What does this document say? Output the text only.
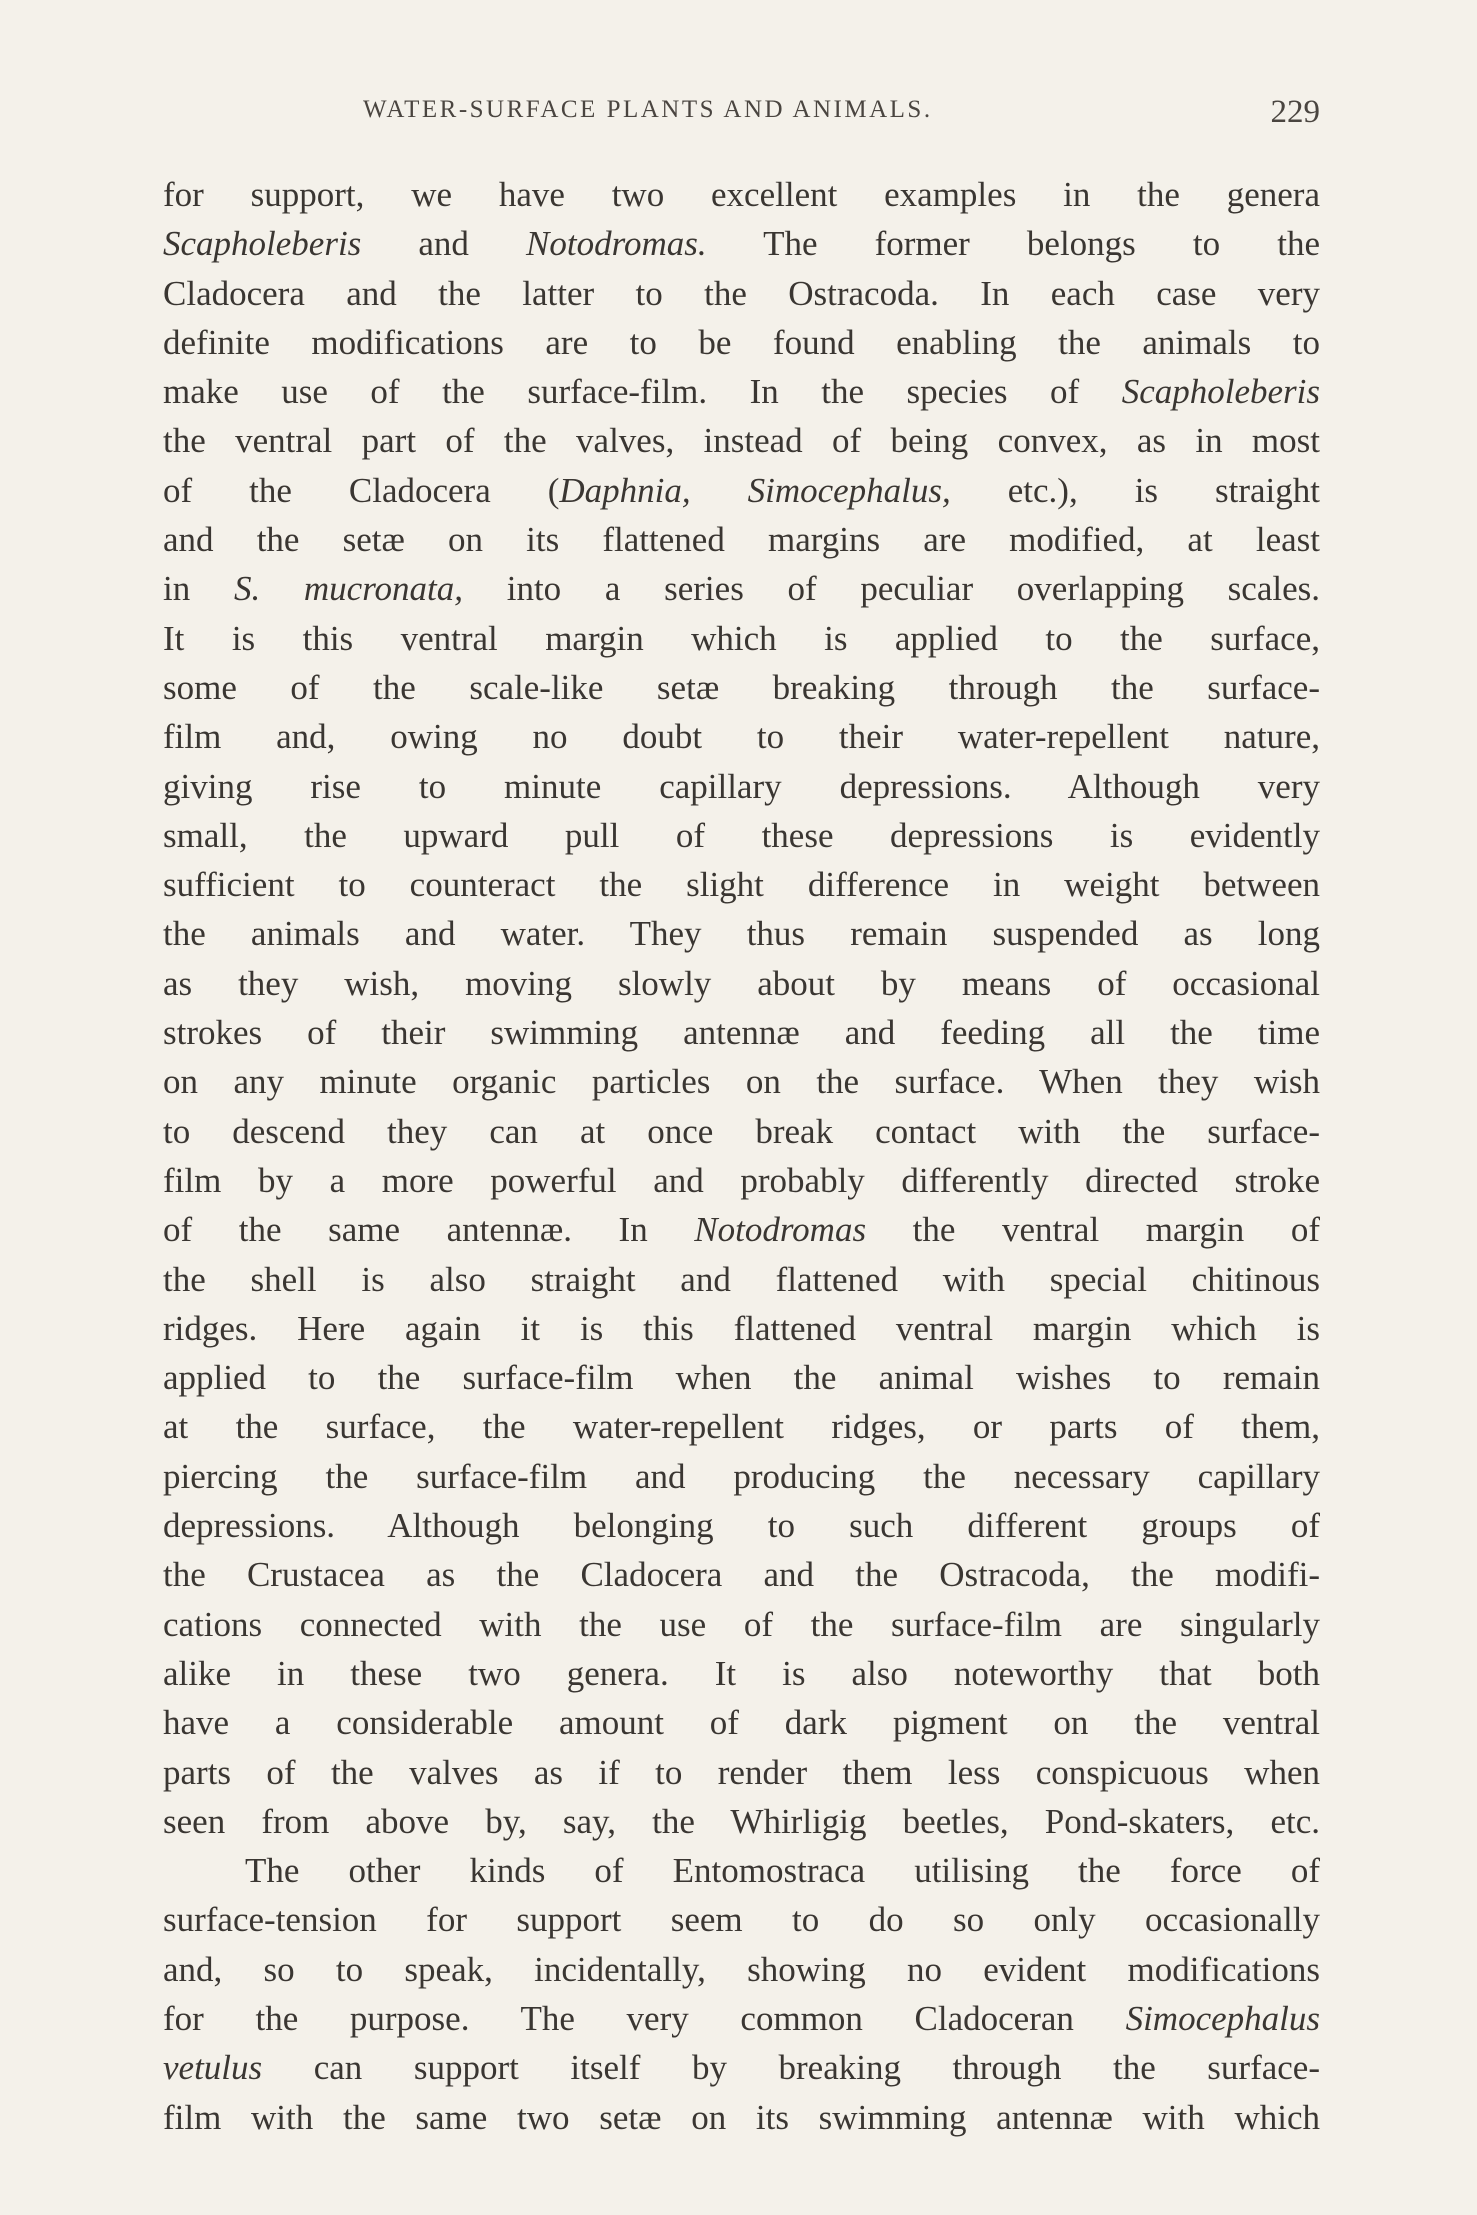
WATER-SURFACE PLANTS AND ANIMALS.	229
for support, we have two excellent examples in the genera
Scapholeberis and Notodromas. The former belongs to the
Cladocera and the latter to the Ostracoda. In each case very
definite modifications are to be found enabling the animals to
make use of the surface-film. In the species of Scapholeberis
the ventral part of the valves, instead of being convex, as in most
of the Cladocera (Daphnia, Simocephalus, etc.), is straight
and the setæ on its flattened margins are modified, at least
in S. mucronata, into a series of peculiar overlapping scales.
It is this ventral margin which is applied to the surface,
some of the scale-like setæ breaking through the surface-
film and, owing no doubt to their water-repellent nature,
giving rise to minute capillary depressions. Although very
small, the upward pull of these depressions is evidently
sufficient to counteract the slight difference in weight between
the animals and water. They thus remain suspended as long
as they wish, moving slowly about by means of occasional
strokes of their swimming antennæ and feeding all the time
on any minute organic particles on the surface. When they wish
to descend they can at once break contact with the surface-
film by a more powerful and probably differently directed stroke
of the same antennæ. In Notodromas the ventral margin of
the shell is also straight and flattened with special chitinous
ridges. Here again it is this flattened ventral margin which is
applied to the surface-film when the animal wishes to remain
at the surface, the water-repellent ridges, or parts of them,
piercing the surface-film and producing the necessary capillary
depressions. Although belonging to such different groups of
the Crustacea as the Cladocera and the Ostracoda, the modifi-
cations connected with the use of the surface-film are singularly
alike in these two genera. It is also noteworthy that both
have a considerable amount of dark pigment on the ventral
parts of the valves as if to render them less conspicuous when
seen from above by, say, the Whirligig beetles, Pond-skaters, etc.
The other kinds of Entomostraca utilising the force of
surface-tension for support seem to do so only occasionally
and, so to speak, incidentally, showing no evident modifications
for the purpose. The very common Cladoceran Simocephalus
vetulus can support itself by breaking through the surface-
film with the same two setæ on its swimming antennæ with which
